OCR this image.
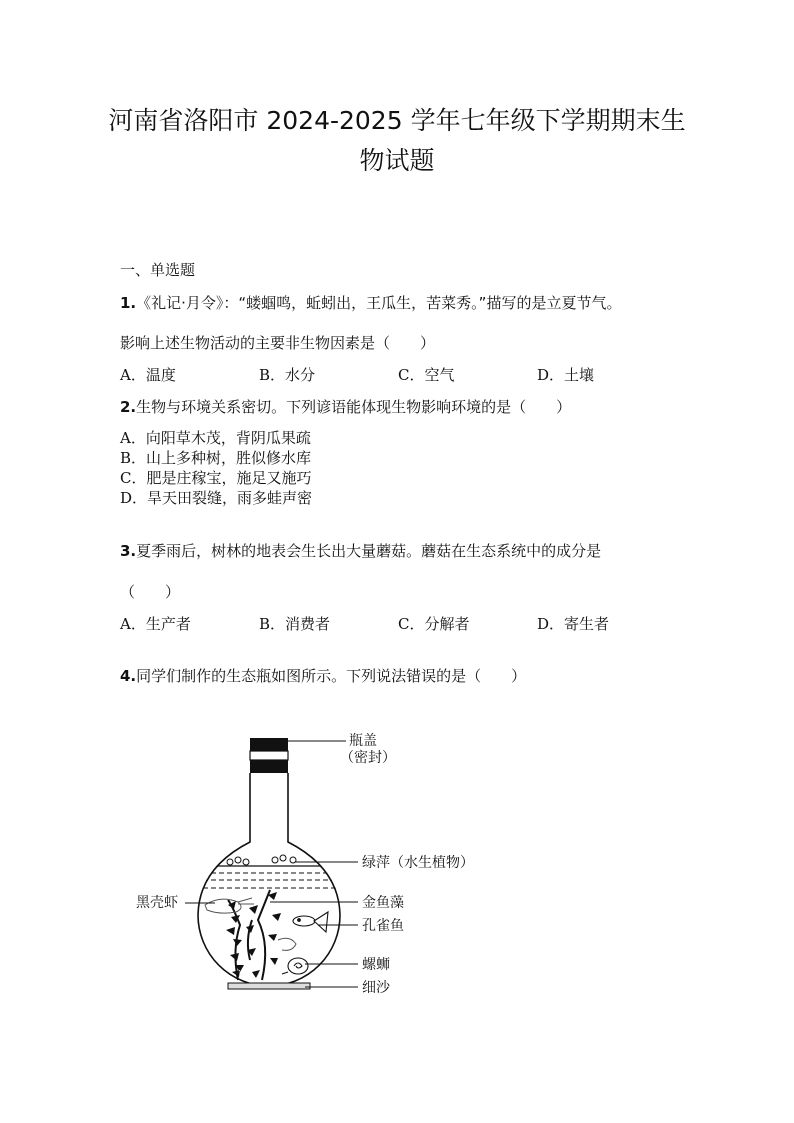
河南省洛阳市 2024-2025 学年七年级下学期期末生
物试题
一、单选题
1.《礼记·月令》：“蝼蝈鸣，蚯蚓出，王瓜生，苦菜秀。”描写的是立夏节气。
影响上述生物活动的主要非生物因素是（　　）
A．温度	B．水分	C．空气	D．土壤
2.生物与环境关系密切。下列谚语能体现生物影响环境的是（　　）
A．向阳草木茂，背阴瓜果疏
B．山上多种树，胜似修水库
C．肥是庄稼宝，施足又施巧
D．旱天田裂缝，雨多蛙声密
3.夏季雨后，树林的地表会生长出大量蘑菇。蘑菇在生态系统中的成分是
（　　）
A．生产者	B．消费者	C．分解者	D．寄生者
4.同学们制作的生态瓶如图所示。下列说法错误的是（　　）
瓶盖
（密封）
绿萍（水生植物）
黑壳虾	金鱼藻
孔雀鱼
螺蛳
细沙
